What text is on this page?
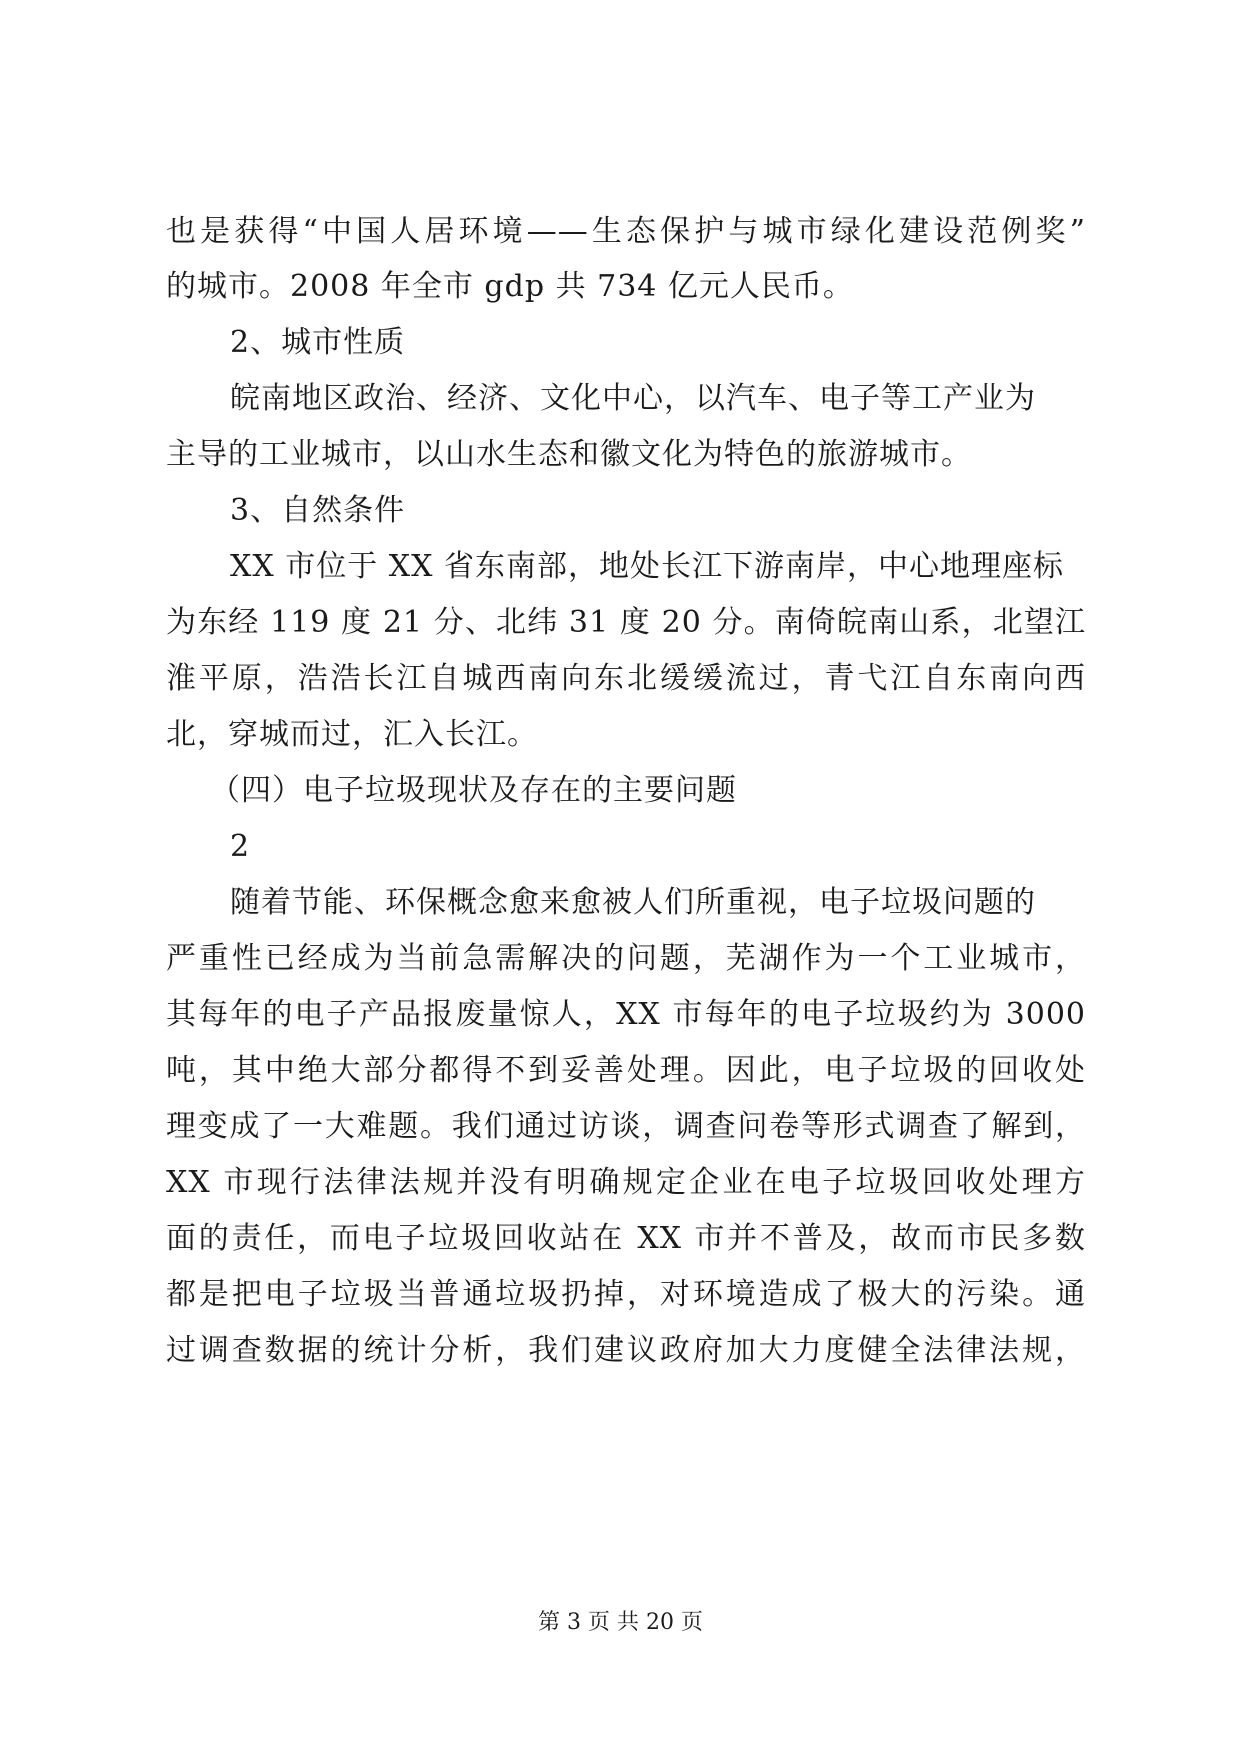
也是获得“中国人居环境——生态保护与城市绿化建设范例奖”
的城市。2008 年全市 gdp 共 734 亿元人民币。
2、城市性质
皖南地区政治、经济、文化中心，以汽车、电子等工产业为
主导的工业城市，以山水生态和徽文化为特色的旅游城市。
3、自然条件
XX 市位于 XX 省东南部，地处长江下游南岸，中心地理座标
为东经 119 度 21 分、北纬 31 度 20 分。南倚皖南山系，北望江
淮平原，浩浩长江自城西南向东北缓缓流过，青弋江自东南向西
北，穿城而过，汇入长江。
（四）电子垃圾现状及存在的主要问题
2
随着节能、环保概念愈来愈被人们所重视，电子垃圾问题的
严重性已经成为当前急需解决的问题，芜湖作为一个工业城市，
其每年的电子产品报废量惊人，XX 市每年的电子垃圾约为 3000
吨，其中绝大部分都得不到妥善处理。因此，电子垃圾的回收处
理变成了一大难题。我们通过访谈，调查问卷等形式调查了解到，
XX 市现行法律法规并没有明确规定企业在电子垃圾回收处理方
面的责任，而电子垃圾回收站在 XX 市并不普及，故而市民多数
都是把电子垃圾当普通垃圾扔掉，对环境造成了极大的污染。通
过调查数据的统计分析，我们建议政府加大力度健全法律法规，
第 3 页 共 20 页
